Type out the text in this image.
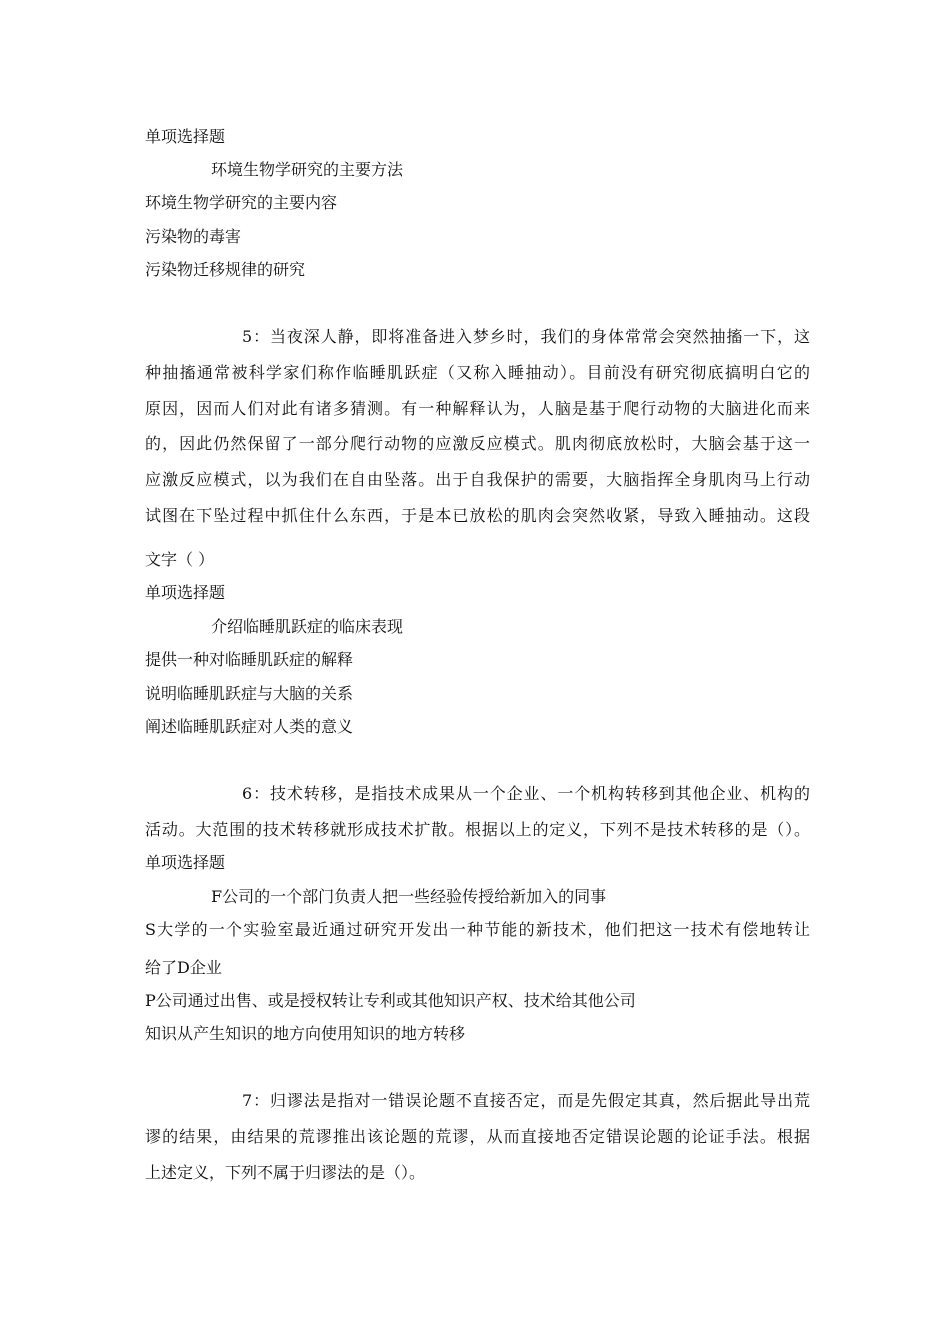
单项选择题
环境生物学研究的主要方法
环境生物学研究的主要内容
污染物的毒害
污染物迁移规律的研究
5：当夜深人静，即将准备进入梦乡时，我们的身体常常会突然抽搐一下，这
种抽搐通常被科学家们称作临睡肌跃症（又称入睡抽动）。目前没有研究彻底搞明白它的
原因，因而人们对此有诸多猜测。有一种解释认为，人脑是基于爬行动物的大脑进化而来
的，因此仍然保留了一部分爬行动物的应激反应模式。肌肉彻底放松时，大脑会基于这一
应激反应模式，以为我们在自由坠落。出于自我保护的需要，大脑指挥全身肌肉马上行动
试图在下坠过程中抓住什么东西，于是本已放松的肌肉会突然收紧，导致入睡抽动。这段
文字（ ）
单项选择题
介绍临睡肌跃症的临床表现
提供一种对临睡肌跃症的解释
说明临睡肌跃症与大脑的关系
阐述临睡肌跃症对人类的意义
6：技术转移，是指技术成果从一个企业、一个机构转移到其他企业、机构的
活动。大范围的技术转移就形成技术扩散。根据以上的定义，下列不是技术转移的是（）。
单项选择题
F公司的一个部门负责人把一些经验传授给新加入的同事
S大学的一个实验室最近通过研究开发出一种节能的新技术，他们把这一技术有偿地转让
给了D企业
P公司通过出售、或是授权转让专利或其他知识产权、技术给其他公司
知识从产生知识的地方向使用知识的地方转移
7：归谬法是指对一错误论题不直接否定，而是先假定其真，然后据此导出荒
谬的结果，由结果的荒谬推出该论题的荒谬，从而直接地否定错误论题的论证手法。根据
上述定义，下列不属于归谬法的是（）。
